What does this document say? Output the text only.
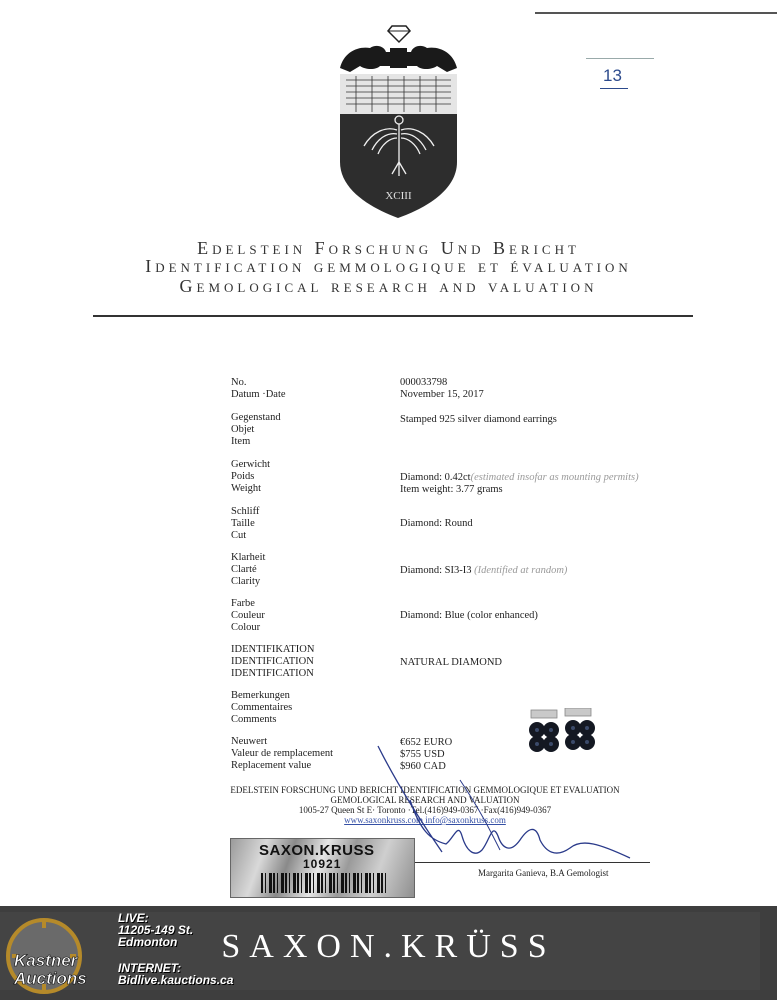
13
XCIII
Edelstein Forschung Und Bericht
Identification gemmologique et évaluation
Gemological research and valuation
No.
Datum ·Date
000033798
November 15, 2017
Gegenstand
Objet
Item
Stamped 925 silver diamond earrings
Gerwicht
Poids
Weight
Diamond: 0.42ct(estimated insofar as mounting permits)
Item weight: 3.77 grams
Schliff
Taille
Cut
Diamond: Round
Klarheit
Clarté
Clarity
Diamond: SI3-I3 (Identified at random)
Farbe
Couleur
Colour
Diamond: Blue (color enhanced)
IDENTIFIKATION
IDENTIFICATION
IDENTIFICATION
NATURAL DIAMOND
Bemerkungen
Commentaires
Comments
Neuwert
Valeur de remplacement
Replacement value
€652 EURO
$755 USD
$960 CAD
EDELSTEIN FORSCHUNG UND BERICHT IDENTIFICATION GEMMOLOGIQUE ET EVALUATION
GEMOLOGICAL RESEARCH AND VALUATION
1005-27 Queen St E· Toronto ·Tel.(416)949-0367 ·Fax(416)949-0367
www.saxonkruss.com info@saxonkruss.com
Margarita Ganieva, B.A Gemologist
SAXON.KRUSS
10921
Kastner
Auctions
LIVE:
11205-149 St.
Edmonton
INTERNET:
Bidlive.kauctions.ca
SAXON.KRÜSS
